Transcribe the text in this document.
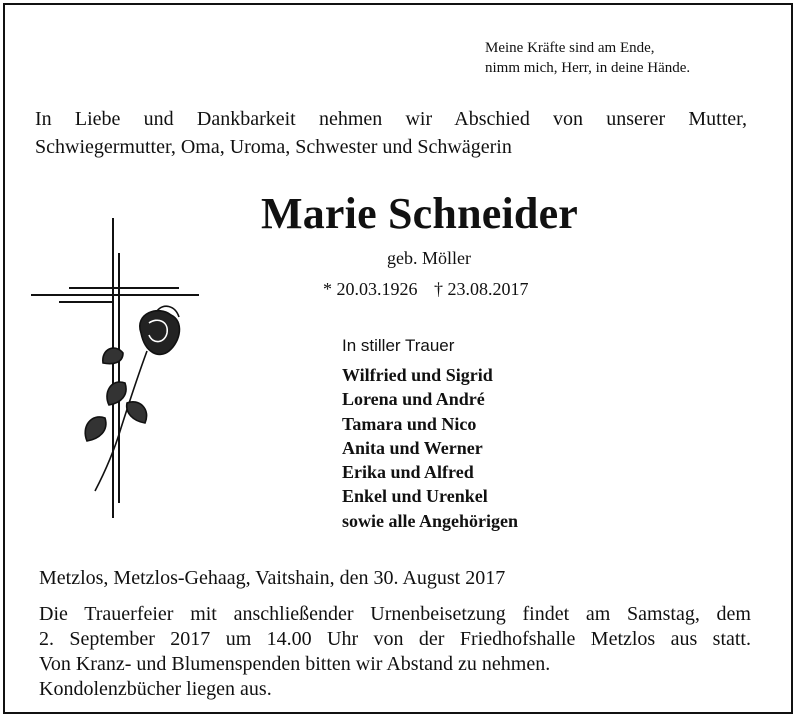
Meine Kräfte sind am Ende,
nimm mich, Herr, in deine Hände.
In Liebe und Dankbarkeit nehmen wir Abschied von unserer Mutter,
Schwiegermutter, Oma, Uroma, Schwester und Schwägerin
Marie Schneider
geb. Möller
* 20.03.1926 † 23.08.2017
In stiller Trauer
Wilfried und Sigrid
Lorena und André
Tamara und Nico
Anita und Werner
Erika und Alfred
Enkel und Urenkel
sowie alle Angehörigen
Metzlos, Metzlos-Gehaag, Vaitshain, den 30. August 2017
Die Trauerfeier mit anschließender Urnenbeisetzung findet am Samstag, dem
2. September 2017 um 14.00 Uhr von der Friedhofshalle Metzlos aus statt.
Von Kranz- und Blumenspenden bitten wir Abstand zu nehmen.
Kondolenzbücher liegen aus.
